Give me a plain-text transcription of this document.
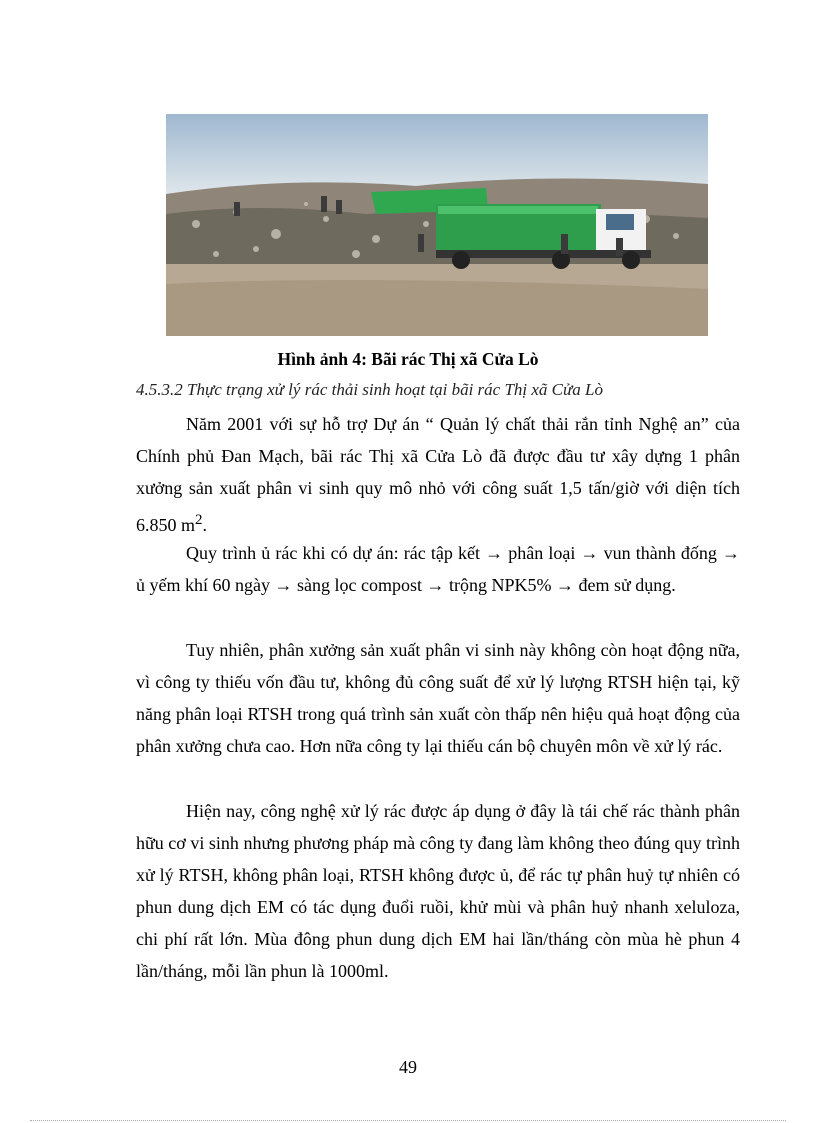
Hình ảnh 4: Bãi rác Thị xã Cửa Lò
4.5.3.2 Thực trạng xử lý rác thải sinh hoạt tại bãi rác Thị xã Cửa Lò

Năm 2001 với sự hỗ trợ Dự án “ Quản lý chất thải rắn tỉnh Nghệ an” của Chính phủ Đan Mạch, bãi rác Thị xã Cửa Lò đã được đầu tư xây dựng 1 phân xưởng sản xuất phân vi sinh quy mô nhỏ với công suất 1,5 tấn/giờ với diện tích 6.850 $m^2$.

Quy trình ủ rác khi có dự án: rác tập kết → phân loại → vun thành đống → ủ yếm khí 60 ngày → sàng lọc compost → trộng NPK5% → đem sử dụng.

Tuy nhiên, phân xưởng sản xuất phân vi sinh này không còn hoạt động nữa, vì công ty thiếu vốn đầu tư, không đủ công suất để xử lý lượng RTSH hiện tại, kỹ năng phân loại RTSH trong quá trình sản xuất còn thấp nên hiệu quả hoạt động của phân xưởng chưa cao. Hơn nữa công ty lại thiếu cán bộ chuyên môn về xử lý rác.

Hiện nay, công nghệ xử lý rác được áp dụng ở đây là tái chế rác thành phân hữu cơ vi sinh nhưng phương pháp mà công ty đang làm không theo đúng quy trình xử lý RTSH, không phân loại, RTSH không được ủ, để rác tự phân huỷ tự nhiên có phun dung dịch EM có tác dụng đuổi ruồi, khử mùi và phân huỷ nhanh xeluloza, chi phí rất lớn. Mùa đông phun dung dịch EM hai lần/tháng còn mùa hè phun 4 lần/tháng, mỗi lần phun là 1000ml.

49
